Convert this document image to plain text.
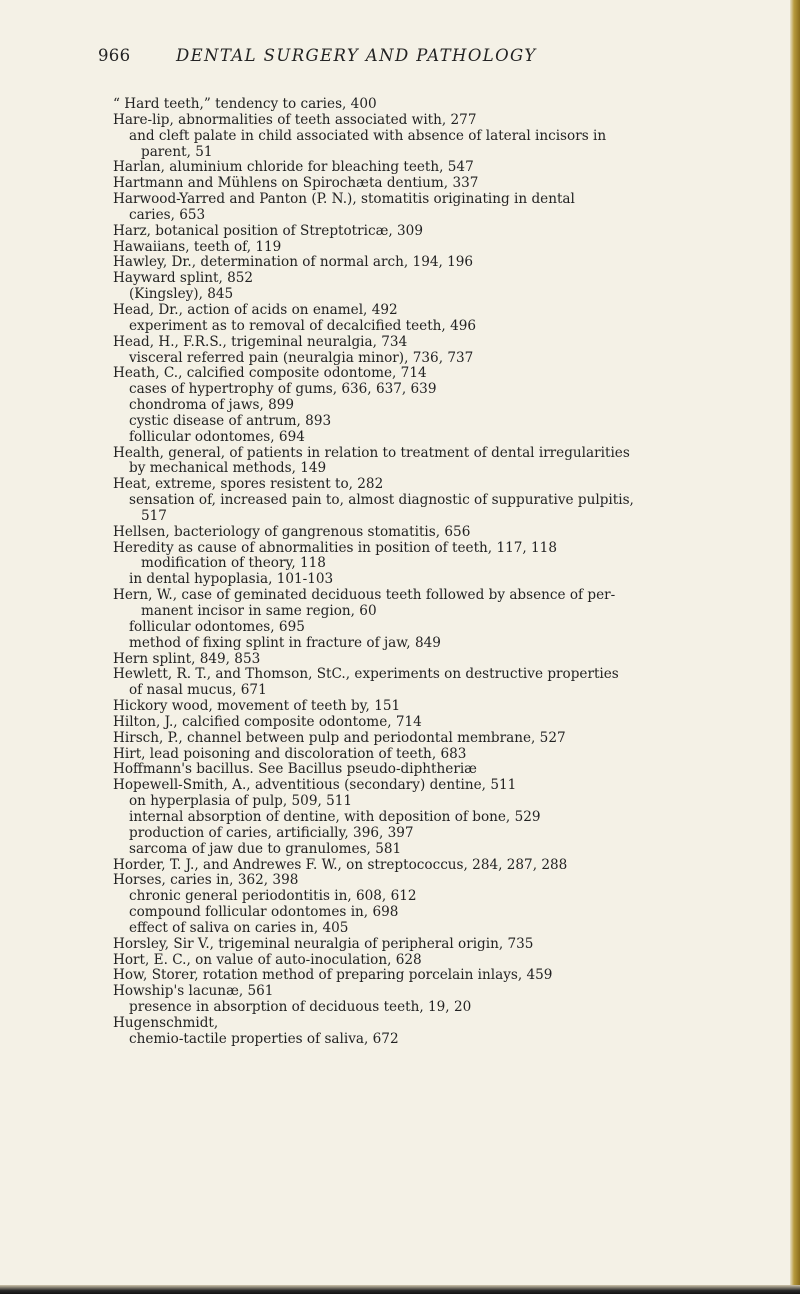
966	DENTAL SURGERY AND PATHOLOGY
“ Hard teeth,” tendency to caries, 400
Hare-lip, abnormalities of teeth associated with, 277
and cleft palate in child associated with absence of lateral incisors in
parent, 51
Harlan, aluminium chloride for bleaching teeth, 547
Hartmann and Mühlens on Spirochæta dentium, 337
Harwood-Yarred and Panton (P. N.), stomatitis originating in dental
caries, 653
Harz, botanical position of Streptotricæ, 309
Hawaiians, teeth of, 119
Hawley, Dr., determination of normal arch, 194, 196
Hayward splint, 852
(Kingsley), 845
Head, Dr., action of acids on enamel, 492
experiment as to removal of decalcified teeth, 496
Head, H., F.R.S., trigeminal neuralgia, 734
visceral referred pain (neuralgia minor), 736, 737
Heath, C., calcified composite odontome, 714
cases of hypertrophy of gums, 636, 637, 639
chondroma of jaws, 899
cystic disease of antrum, 893
follicular odontomes, 694
Health, general, of patients in relation to treatment of dental irregularities
by mechanical methods, 149
Heat, extreme, spores resistent to, 282
sensation of, increased pain to, almost diagnostic of suppurative pulpitis,
517
Hellsen, bacteriology of gangrenous stomatitis, 656
Heredity as cause of abnormalities in position of teeth, 117, 118
modification of theory, 118
in dental hypoplasia, 101-103
Hern, W., case of geminated deciduous teeth followed by absence of per-
manent incisor in same region, 60
follicular odontomes, 695
method of fixing splint in fracture of jaw, 849
Hern splint, 849, 853
Hewlett, R. T., and Thomson, StC., experiments on destructive properties
of nasal mucus, 671
Hickory wood, movement of teeth by, 151
Hilton, J., calcified composite odontome, 714
Hirsch, P., channel between pulp and periodontal membrane, 527
Hirt, lead poisoning and discoloration of teeth, 683
Hoffmann's bacillus. See Bacillus pseudo-diphtheriæ
Hopewell-Smith, A., adventitious (secondary) dentine, 511
on hyperplasia of pulp, 509, 511
internal absorption of dentine, with deposition of bone, 529
production of caries, artificially, 396, 397
sarcoma of jaw due to granulomes, 581
Horder, T. J., and Andrewes F. W., on streptococcus, 284, 287, 288
Horses, caries in, 362, 398
chronic general periodontitis in, 608, 612
compound follicular odontomes in, 698
effect of saliva on caries in, 405
Horsley, Sir V., trigeminal neuralgia of peripheral origin, 735
Hort, E. C., on value of auto-inoculation, 628
How, Storer, rotation method of preparing porcelain inlays, 459
Howship's lacunæ, 561
presence in absorption of deciduous teeth, 19, 20
Hugenschmidt,
chemio-tactile properties of saliva, 672
